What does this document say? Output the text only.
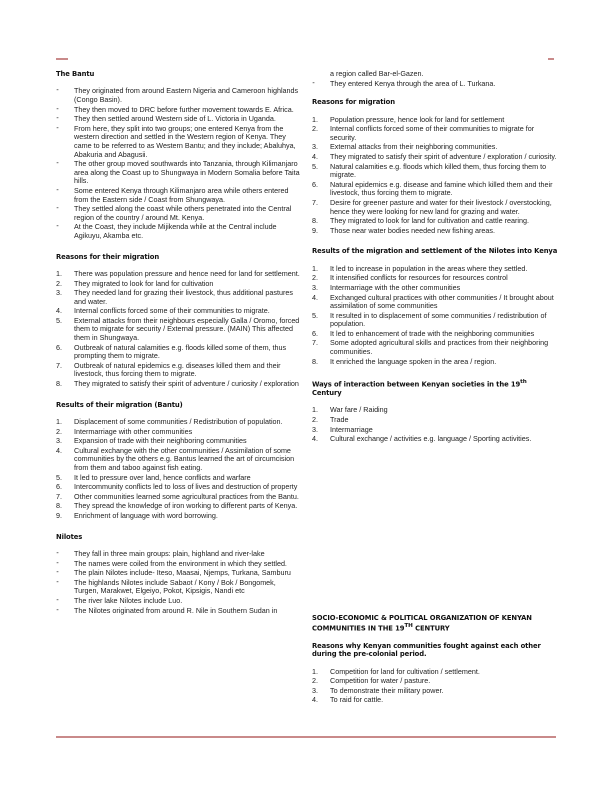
The Bantu
⁃ They originated from around Eastern Nigeria and Cameroon highlands (Congo Basin).
⁃ They then moved to DRC before further movement towards E. Africa.
⁃ They then settled around Western side of L. Victoria in Uganda.
⁃ From here, they split into two groups; one entered Kenya from the western direction and settled in the Western region of Kenya. They came to be referred to as Western Bantu; and they include; Abaluhya, Abakuria and Abagusii.
⁃ The other group moved southwards into Tanzania, through Kilimanjaro area along the Coast up to Shungwaya in Modern Somalia before Taita hills.
⁃ Some entered Kenya through Kilimanjaro area while others entered from the Eastern side / Coast from Shungwaya.
⁃ They settled along the coast while others penetrated into the Central region of the country / around Mt. Kenya.
⁃ At the Coast, they include Mijikenda while at the Central include Agikuyu, Akamba etc.
Reasons for their migration
1. There was population pressure and hence need for land for settlement.
2. They migrated to look for land for cultivation
3. They needed land for grazing their livestock, thus additional pastures and water.
4. Internal conflicts forced some of their communities to migrate.
5. External attacks from their neighbours especially Galla / Oromo, forced them to migrate for security / External pressure. (MAIN) This affected them in Shungwaya.
6. Outbreak of natural calamities e.g. floods killed some of them, thus prompting them to migrate.
7. Outbreak of natural epidemics e.g. diseases killed them and their livestock, thus forcing them to migrate.
8. They migrated to satisfy their spirit of adventure / curiosity / exploration
Results of their migration (Bantu)
1. Displacement of some communities / Redistribution of population.
2. Intermarriage with other communities
3. Expansion of trade with their neighboring communities
4. Cultural exchange with the other communities / Assimilation of some communities by the others e.g. Bantus learned the art of circumcision from them and taboo against fish eating.
5. It led to pressure over land, hence conflicts and warfare
6. Intercommunity conflicts led to loss of lives and destruction of property
7. Other communities learned some agricultural practices from the Bantu.
8. They spread the knowledge of iron working to different parts of Kenya.
9. Enrichment of language with word borrowing.
Nilotes
⁃ They fall in three main groups: plain, highland and river-lake
⁃ The names were coiled from the environment in which they settled.
⁃ The plain Nilotes include- Iteso, Maasai, Njemps, Turkana, Samburu
⁃ The highlands Nilotes include Sabaot / Kony / Bok / Bongomek, Turgen, Marakwet, Elgeiyo, Pokot, Kipsigis, Nandi etc
⁃ The river lake Nilotes include Luo.
⁃ The Nilotes originated from around R. Nile in Southern Sudan in
a region called Bar-el-Gazen.
⁃ They entered Kenya through the area of L. Turkana.
Reasons for migration
1. Population pressure, hence look for land for settlement
2. Internal conflicts forced some of their communities to migrate for security.
3. External attacks from their neighboring communities.
4. They migrated to satisfy their spirit of adventure / exploration / curiosity.
5. Natural calamities e.g. floods which killed them, thus forcing them to migrate.
6. Natural epidemics e.g. disease and famine which killed them and their livestock, thus forcing them to migrate.
7. Desire for greener pasture and water for their livestock / overstocking, hence they were looking for new land for grazing and water.
8. They migrated to look for land for cultivation and cattle rearing.
9. Those near water bodies needed new fishing areas.
Results of the migration and settlement of the Nilotes into Kenya
1. It led to increase in population in the areas where they settled.
2. It intensified conflicts for resources for resources control
3. Intermarriage with the other communities
4. Exchanged cultural practices with other communities / It brought about assimilation of some communities
5. It resulted in to displacement of some communities / redistribution of population.
6. It led to enhancement of trade with the neighboring communities
7. Some adopted agricultural skills and practices from their neighboring communities.
8. It enriched the language spoken in the area / region.
Ways of interaction between Kenyan societies in the 19th Century
1. War fare / Raiding
2. Trade
3. Intermarriage
4. Cultural exchange / activities e.g. language / Sporting activities.
SOCIO-ECONOMIC & POLITICAL ORGANIZATION OF KENYAN COMMUNITIES IN THE 19TH CENTURY
Reasons why Kenyan communities fought against each other during the pre-colonial period.
1. Competition for land for cultivation / settlement.
2. Competition for water / pasture.
3. To demonstrate their military power.
4. To raid for cattle.
